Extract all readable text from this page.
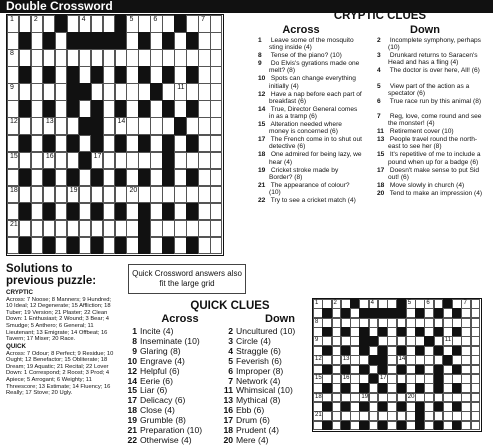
Double Crossword
1	2	4	5	6	7
8
9	11
12	13	14
15	16	17
18	19	20
21
CRYPTIC CLUES
Across	Down
1 Leave some of the mosquito sting inside (4)
8 Tense of the piano? (10)
9 Do Elvis's gyrations made one melt? (8)
10 Spots can change everything initially (4)
12 Have a nap before each part of breakfast (6)
14 True, Director General comes in as a tramp (6)
15 Alteration needed where money is concerned (6)
17 The French come in to shut out detective (6)
18 One admired for being lazy, we hear (4)
19 Cricket stroke made by Border? (8)
21 The appearance of colour? (10)
22 Try to see a cricket match (4)
2 Incomplete symphony, perhaps (10)
3 Drunkard returns to Saracen's Head and has a fling (4)
4 The doctor is over here, All! (6)
5 View part of the action as a spectator (6)
6 True race run by this animal (8)
7 Reg, love, come round and see the monster! (4)
11 Retirement cover (10)
13 People travel round the north-east to see her (8)
15 It's repetitive of me to include a pound when up for a badge (6)
17 Doesn't make sense to put Sid out! (6)
18 Move slowly in church (4)
20 Tend to make an impression (4)
Solutions to
previous puzzle:
CRYPTIC
Across: 7 Noose; 8 Manners; 9 Hundred; 10 Ideal; 12 Degenerate; 15 Affliction; 18 Tuber; 19 Version; 21 Plaster; 22 Clean Down: 1 Enthusiast; 2 Wound; 3 Bear; 4 Smudge; 5 Anthero; 6 General; 11 Lieutenant; 13 Emigrate; 14 Offbeat; 16 Tavern; 17 Miser; 20 Race.
QUICK
Across: 7 Odour; 8 Perfect; 9 Residue; 10 Ought; 12 Benefactor; 15 Obliterate; 18 Dream; 19 Aquatic; 21 Recital; 22 Lover Down: 1 Correspond; 2 Roost; 3 Prod; 4 Apiece; 5 Arrogant; 6 Weighty; 11 Threescore; 13 Estimate; 14 Fluency; 16 Really; 17 Stove; 20 Ugly.
Quick Crossword answers also fit the large grid
QUICK CLUES
Across	Down
1 Incite (4)
8 Inseminate (10)
9 Glaring (8)
10 Engrave (4)
12 Helpful (6)
14 Eerie (6)
15 Liar (6)
17 Delicacy (6)
18 Close (4)
19 Grumble (8)
21 Preparation (10)
22 Otherwise (4)
2 Uncultured (10)
3 Circle (4)
4 Straggle (6)
5 Feverish (6)
6 Improper (8)
7 Network (4)
11 Whimsical (10)
13 Mythical (8)
16 Ebb (6)
17 Drum (6)
18 Prudent (4)
20 Mere (4)
1	2	4	5	6	7
8
9	11
12	13	14
15	16	17
18	19	20
21
